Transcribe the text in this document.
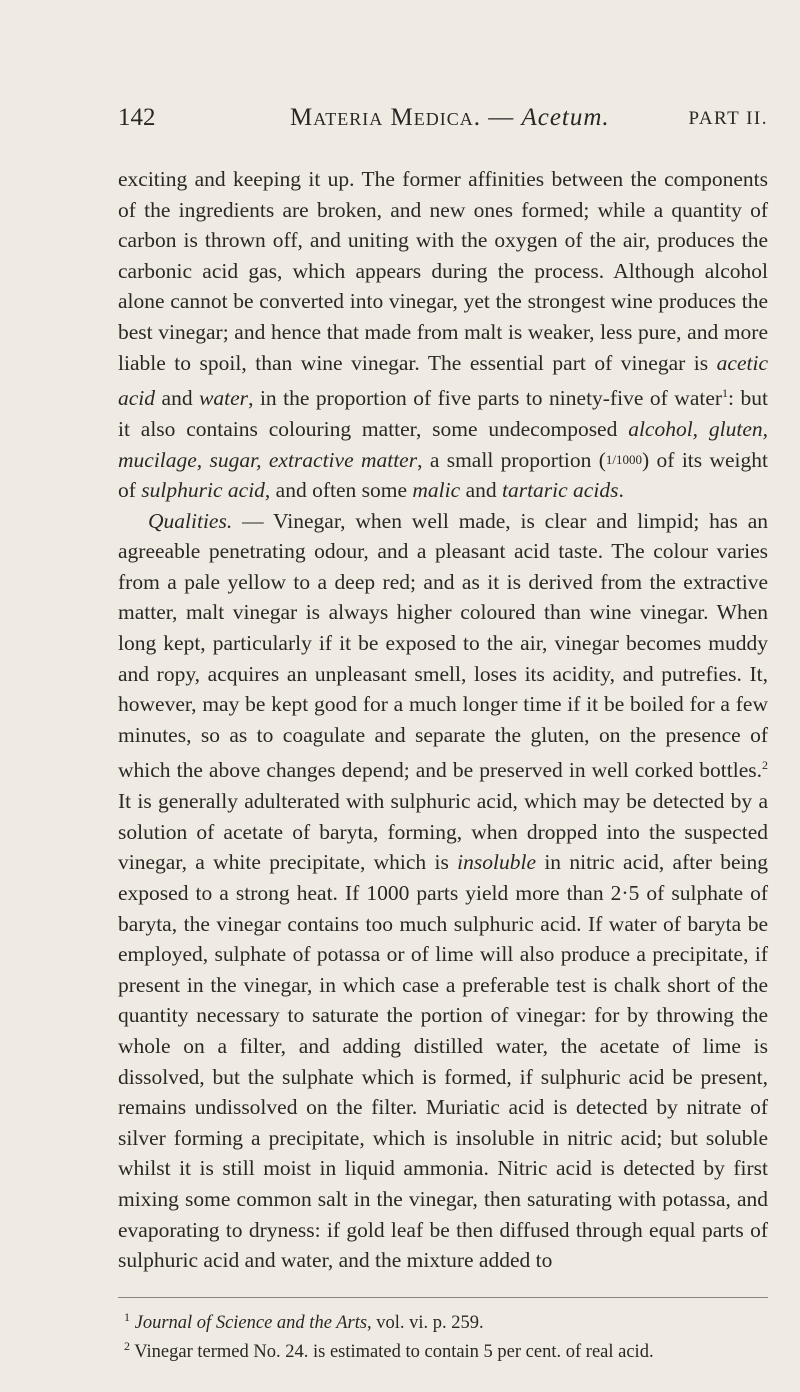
142	Materia Medica. — Acetum.	PART II.

exciting and keeping it up. The former affinities between the components of the ingredients are broken, and new ones formed; while a quantity of carbon is thrown off, and uniting with the oxygen of the air, produces the carbonic acid gas, which appears during the process. Although alcohol alone cannot be converted into vinegar, yet the strongest wine produces the best vinegar; and hence that made from malt is weaker, less pure, and more liable to spoil, than wine vinegar. The essential part of vinegar is acetic acid and water, in the proportion of five parts to ninety-five of water$^1$: but it also contains colouring matter, some undecomposed alcohol, gluten, mucilage, sugar, extractive matter, a small proportion (1/1000) of its weight of sulphuric acid, and often some malic and tartaric acids.

Qualities. — Vinegar, when well made, is clear and limpid; has an agreeable penetrating odour, and a pleasant acid taste. The colour varies from a pale yellow to a deep red; and as it is derived from the extractive matter, malt vinegar is always higher coloured than wine vinegar. When long kept, particularly if it be exposed to the air, vinegar becomes muddy and ropy, acquires an unpleasant smell, loses its acidity, and putrefies. It, however, may be kept good for a much longer time if it be boiled for a few minutes, so as to coagulate and separate the gluten, on the presence of which the above changes depend; and be preserved in well corked bottles.$^2$ It is generally adulterated with sulphuric acid, which may be detected by a solution of acetate of baryta, forming, when dropped into the suspected vinegar, a white precipitate, which is insoluble in nitric acid, after being exposed to a strong heat. If 1000 parts yield more than 2·5 of sulphate of baryta, the vinegar contains too much sulphuric acid. If water of baryta be employed, sulphate of potassa or of lime will also produce a precipitate, if present in the vinegar, in which case a preferable test is chalk short of the quantity necessary to saturate the portion of vinegar: for by throwing the whole on a filter, and adding distilled water, the acetate of lime is dissolved, but the sulphate which is formed, if sulphuric acid be present, remains undissolved on the filter. Muriatic acid is detected by nitrate of silver forming a precipitate, which is insoluble in nitric acid; but soluble whilst it is still moist in liquid ammonia. Nitric acid is detected by first mixing some common salt in the vinegar, then saturating with potassa, and evaporating to dryness: if gold leaf be then diffused through equal parts of sulphuric acid and water, and the mixture added to

$^1$ Journal of Science and the Arts, vol. vi. p. 259.

$^2$ Vinegar termed No. 24. is estimated to contain 5 per cent. of real acid.
